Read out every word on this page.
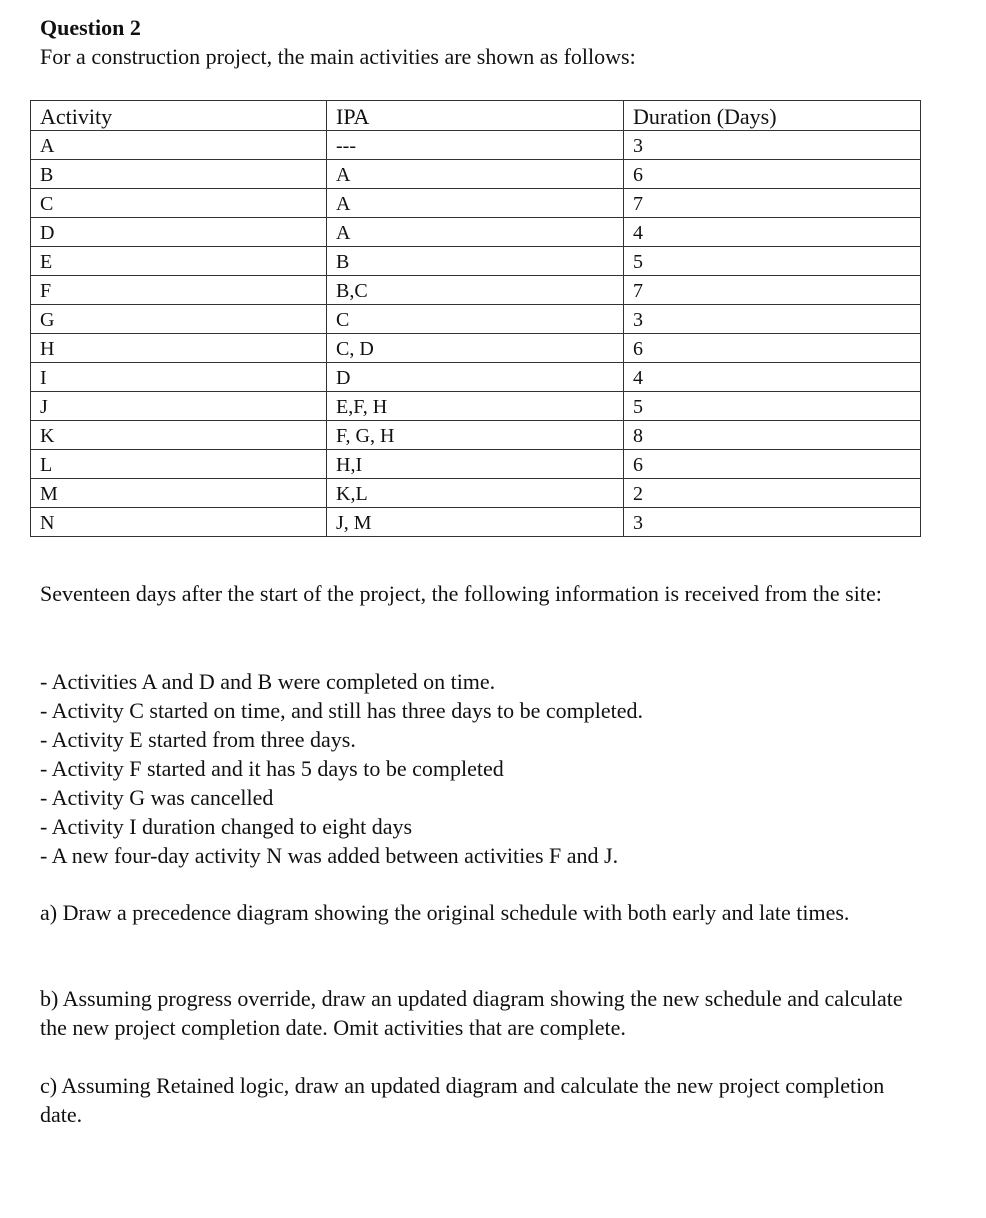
Question 2

For a construction project, the main activities are shown as follows:

Activity	IPA	Duration (Days)
A	---	3
B	A	6
C	A	7
D	A	4
E	B	5
F	B,C	7
G	C	3
H	C, D	6
I	D	4
J	E,F, H	5
K	F, G, H	8
L	H,I	6
M	K,L	2
N	J, M	3

Seventeen days after the start of the project, the following information is received from the site:

- Activities A and D and B were completed on time.
- Activity C started on time, and still has three days to be completed.
- Activity E started from three days.
- Activity F started and it has 5 days to be completed
- Activity G was cancelled
- Activity I duration changed to eight days
- A new four-day activity N was added between activities F and J.

a) Draw a precedence diagram showing the original schedule with both early and late times.

b) Assuming progress override, draw an updated diagram showing the new schedule and calculate the new project completion date. Omit activities that are complete.

c) Assuming Retained logic, draw an updated diagram and calculate the new project completion date.
